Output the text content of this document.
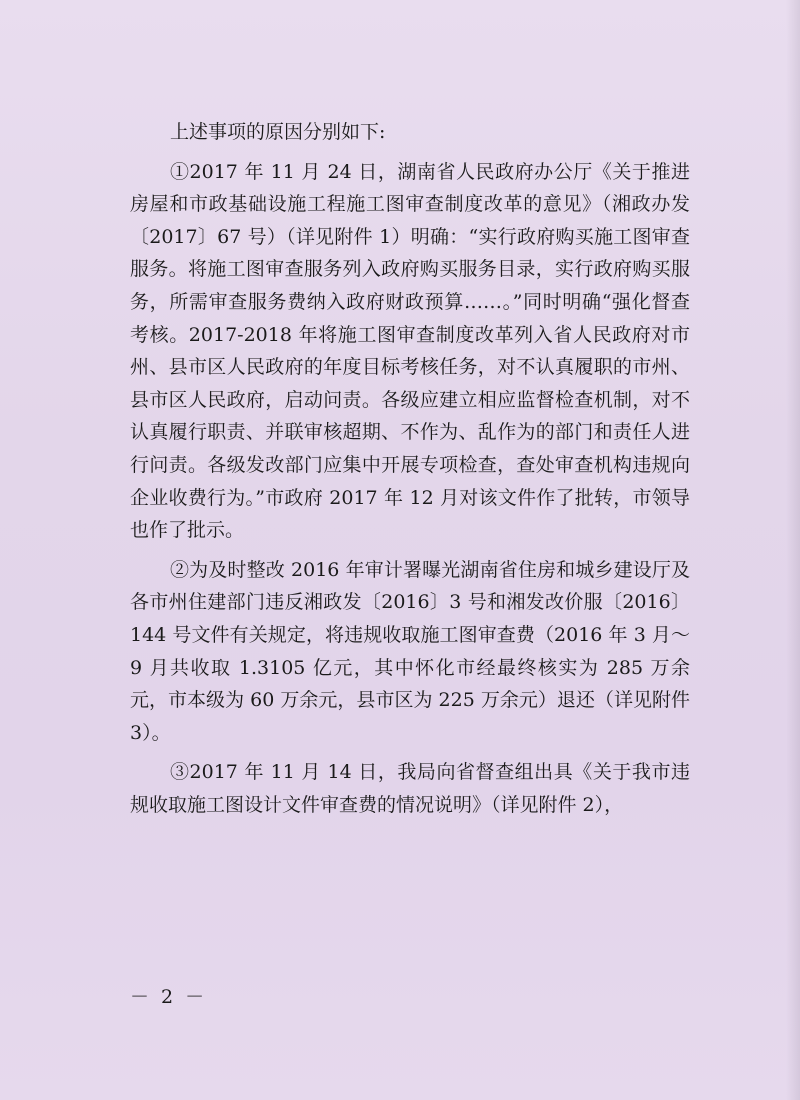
上述事项的原因分别如下:

①2017 年 11 月 24 日，湖南省人民政府办公厅《关于推进房屋和市政基础设施工程施工图审查制度改革的意见》（湘政办发〔2017〕67 号）（详见附件 1）明确：“实行政府购买施工图审查服务。将施工图审查服务列入政府购买服务目录，实行政府购买服务，所需审查服务费纳入政府财政预算……。”同时明确“强化督查考核。2017-2018 年将施工图审查制度改革列入省人民政府对市州、县市区人民政府的年度目标考核任务，对不认真履职的市州、县市区人民政府，启动问责。各级应建立相应监督检查机制，对不认真履行职责、并联审核超期、不作为、乱作为的部门和责任人进行问责。各级发改部门应集中开展专项检查，查处审查机构违规向企业收费行为。”市政府 2017 年 12 月对该文件作了批转，市领导也作了批示。

②为及时整改 2016 年审计署曝光湖南省住房和城乡建设厅及各市州住建部门违反湘政发〔2016〕3 号和湘发改价服〔2016〕144 号文件有关规定，将违规收取施工图审查费（2016 年 3 月～9 月共收取 1.3105 亿元，其中怀化市经最终核实为 285 万余元，市本级为 60 万余元，县市区为 225 万余元）退还（详见附件 3）。

③2017 年 11 月 14 日，我局向省督查组出具《关于我市违规收取施工图设计文件审查费的情况说明》（详见附件 2），

－ 2 －
